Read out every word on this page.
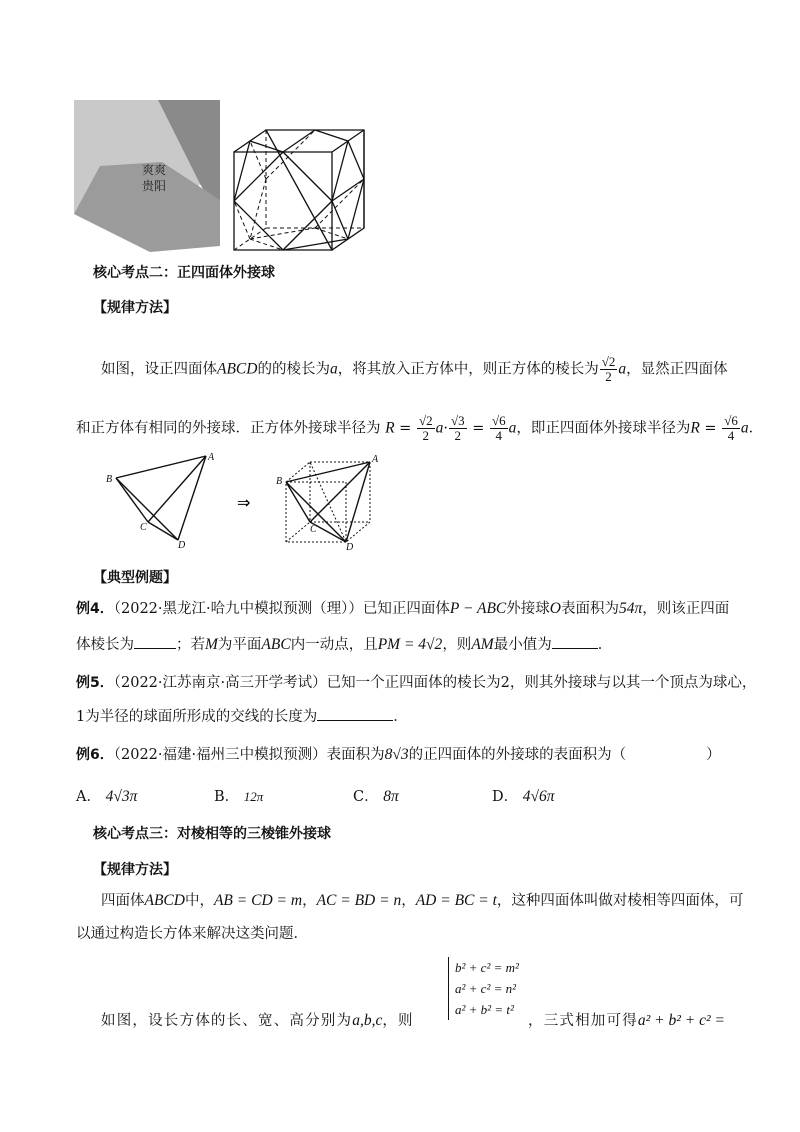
爽爽
贵阳
核心考点二：正四面体外接球
【规律方法】
如图，设正四面体ABCD的的棱长为a，将其放入正方体中，则正方体的棱长为 $\frac{√2}{2}$ a，显然正四面体
和正方体有相同的外接球．正方体外接球半径为 $R = \frac{√2}{2} a\cdot \frac{√3}{2} = \frac{√6}{4}$ a，即正四面体外接球半径为$R = \frac{√6}{4}$ a．
⇒
A
B
C
D
A
B
C
D
【典型例题】
例4．（2022·黑龙江·哈九中模拟预测（理））已知正四面体P − ABC外接球O表面积为54π，则该正四面
体棱长为	；若M为平面ABC内一动点，且PM = 4√2，则AM最小值为	．
例5．（2022·江苏南京·高三开学考试）已知一个正四面体的棱长为2，则其外接球与以其一个顶点为球心，
1为半径的球面所形成的交线的长度为	．
例6．（2022·福建·福州三中模拟预测）表面积为8√3的正四面体的外接球的表面积为（	）
A． 4√3π	B． 12π	C． 8π	D． 4√6π
核心考点三：对棱相等的三棱锥外接球
【规律方法】
四面体ABCD中，AB = CD = m，AC = BD = n，AD = BC = t，这种四面体叫做对棱相等四面体，可
以通过构造长方体来解决这类问题．
b² + c² = m²
a² + c² = n²
a² + b² = t²
如图，设长方体的长、宽、高分别为a,b,c，则	，三式相加可得a² + b² + c² =
